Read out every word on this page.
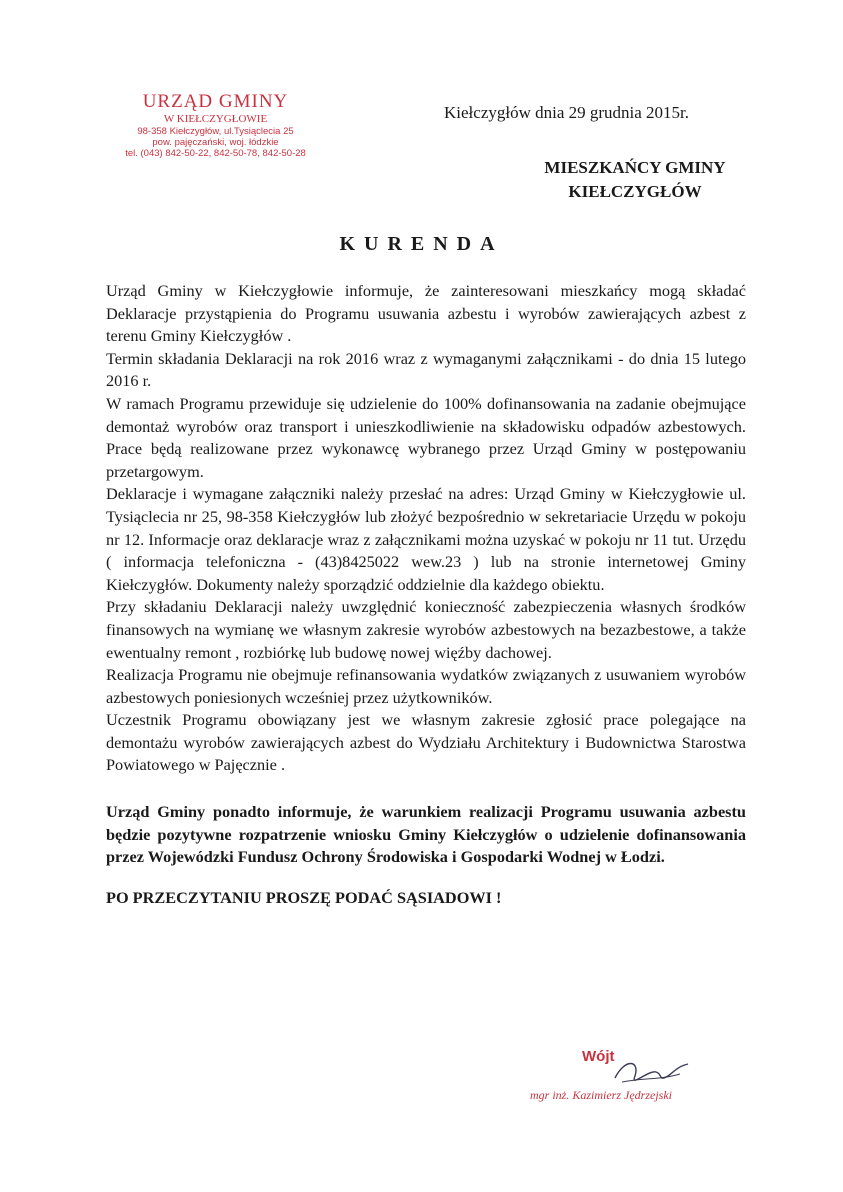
URZĄD GMINY
W KIEŁCZYGŁOWIE
98-358 Kiełczygłów, ul.Tysiąclecia 25
pow. pajęczański, woj. łódzkie
tel. (043) 842-50-22, 842-50-78, 842-50-28
Kiełczygłów dnia 29 grudnia 2015r.
MIESZKAŃCY GMINY
KIEŁCZYGŁÓW
KURENDA

Urząd Gminy w Kiełczygłowie informuje, że zainteresowani mieszkańcy mogą składać Deklaracje przystąpienia do Programu usuwania azbestu i wyrobów zawierających azbest z terenu Gminy Kiełczygłów .

Termin składania Deklaracji na rok 2016 wraz z wymaganymi załącznikami - do dnia 15 lutego 2016 r.

W ramach Programu przewiduje się udzielenie do 100% dofinansowania na zadanie obejmujące demontaż wyrobów oraz transport i unieszkodliwienie na składowisku odpadów azbestowych. Prace będą realizowane przez wykonawcę wybranego przez Urząd Gminy w postępowaniu przetargowym.

Deklaracje i wymagane załączniki należy przesłać na adres: Urząd Gminy w Kiełczygłowie ul. Tysiąclecia nr 25, 98-358 Kiełczygłów lub złożyć bezpośrednio w sekretariacie Urzędu w pokoju nr 12. Informacje oraz deklaracje wraz z załącznikami można uzyskać w pokoju nr 11 tut. Urzędu ( informacja telefoniczna - (43)8425022 wew.23 ) lub na stronie internetowej Gminy Kiełczygłów. Dokumenty należy sporządzić oddzielnie dla każdego obiektu.

Przy składaniu Deklaracji należy uwzględnić konieczność zabezpieczenia własnych środków finansowych na wymianę we własnym zakresie wyrobów azbestowych na bezazbestowe, a także ewentualny remont , rozbiórkę lub budowę nowej więźby dachowej.

Realizacja Programu nie obejmuje refinansowania wydatków związanych z usuwaniem wyrobów azbestowych poniesionych wcześniej przez użytkowników.

Uczestnik Programu obowiązany jest we własnym zakresie zgłosić prace polegające na demontażu wyrobów zawierających azbest do Wydziału Architektury i Budownictwa Starostwa Powiatowego w Pajęcznie .

Urząd Gminy ponadto informuje, że warunkiem realizacji Programu usuwania azbestu będzie pozytywne rozpatrzenie wniosku Gminy Kiełczygłów o udzielenie dofinansowania przez Wojewódzki Fundusz Ochrony Środowiska i Gospodarki Wodnej w Łodzi.

PO PRZECZYTANIU PROSZĘ PODAĆ SĄSIADOWI !

Wójt
mgr inż. Kazimierz Jędrzejski
